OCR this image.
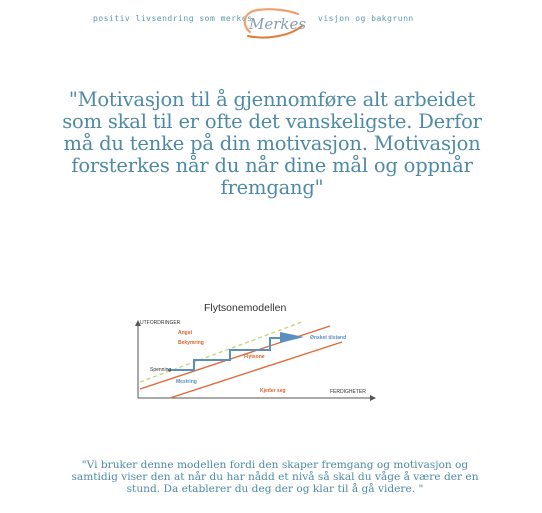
positiv livsendring som merkes
Merkes visjon og bakgrunn
"Motivasjon til å gjennomføre alt arbeidet som skal til er ofte det vanskeligste. Derfor må du tenke på din motivasjon. Motivasjon forsterkes når du når dine mål og oppnår fremgang"
Flytsonemodellen
UTFORDRINGER
FERDIGHETER
Angst
Bekymring
Spenning
Mestring
Flytsone
Kjeder seg
Ønsket tilstand
"Vi bruker denne modellen fordi den skaper fremgang og motivasjon og samtidig viser den at når du har nådd et nivå så skal du våge å være der en stund. Da etablerer du deg der og klar til å gå videre. "
